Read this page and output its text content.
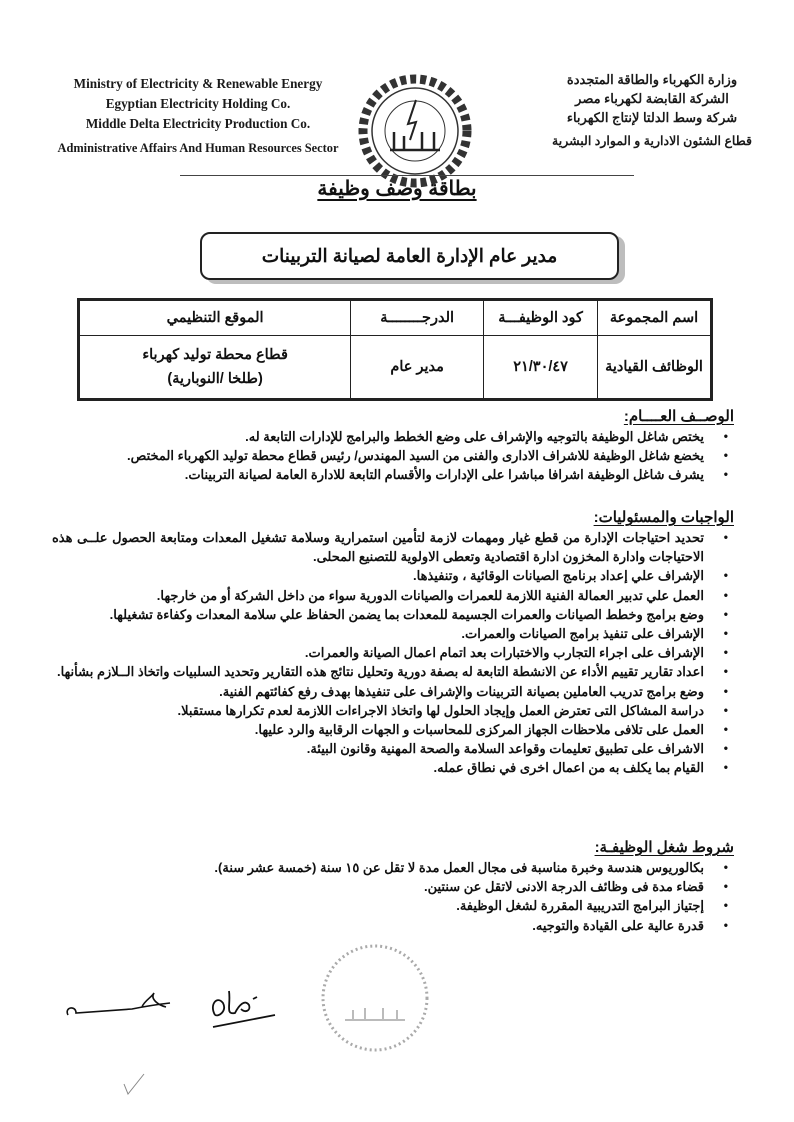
Ministry of Electricity & Renewable Energy
Egyptian Electricity Holding Co.
Middle Delta Electricity Production Co.
Administrative Affairs And Human Resources Sector
وزارة الكهرباء والطاقة المتجددة
الشركة القابضة لكهرباء مصر
شركة وسط الدلتا لإنتاج الكهرباء
قطاع الشئون الادارية و الموارد البشرية
بطاقة وصف وظيفة
مدير عام الإدارة العامة لصيانة التربينات
اسم المجموعة	كود الوظيفـــة	الدرجــــــــة	الموقع التنظيمي
الوظائف القيادية	٢١/٣٠/٤٧	مدير عام	قطاع محطة توليد كهرباء
(طلخا /النوبارية)
الوصــف العــــام:
• يختص شاغل الوظيفة بالتوجيه والإشراف على وضع الخطط والبرامج للإدارات التابعة له.
• يخضع شاغل الوظيفة للاشراف الادارى والفنى من السيد المهندس/ رئيس قطاع محطة توليد الكهرباء المختص.
• يشرف شاغل الوظيفة اشرافا مباشرا على الإدارات والأقسام التابعة للادارة العامة لصيانة التربينات.
الواجبات والمسئوليات:
• تحديد احتياجات الإدارة من قطع غيار ومهمات لازمة لتأمين استمرارية وسلامة تشغيل المعدات ومتابعة الحصول علــى هذه الاحتياجات وادارة المخزون ادارة اقتصادية وتعطى الاولوية للتصنيع المحلى.
• الإشراف علي إعداد برنامج الصيانات الوقائية ، وتنفيذها.
• العمل علي تدبير العمالة الفنية اللازمة للعمرات والصيانات الدورية سواء من داخل الشركة أو من خارجها.
• وضع برامج وخطط الصيانات والعمرات الجسيمة للمعدات بما يضمن الحفاظ علي سلامة المعدات وكفاءة تشغيلها.
• الإشراف على تنفيذ برامج الصيانات والعمرات.
• الإشراف على اجراء التجارب والاختبارات بعد اتمام اعمال الصيانة والعمرات.
• اعداد تقارير تقييم الأداء عن الانشطة التابعة له بصفة دورية وتحليل نتائج هذه التقارير وتحديد السلبيات واتخاذ الــلازم بشأنها.
• وضع برامج تدريب العاملين بصيانة التربينات والإشراف على تنفيذها بهدف رفع كفائتهم الفنية.
• دراسة المشاكل التى تعترض العمل وإيجاد الحلول لها واتخاذ الاجراءات اللازمة لعدم تكرارها مستقبلا.
• العمل على تلافى ملاحظات الجهاز المركزى للمحاسبات و الجهات الرقابية والرد عليها.
• الاشراف على تطبيق تعليمات وقواعد السلامة والصحة المهنية وقانون البيئة.
• القيام بما يكلف به من اعمال اخرى في نطاق عمله.
شروط شغل الوظيفـة:
• بكالوريوس هندسة وخبرة مناسبة فى مجال العمل مدة لا تقل عن ١٥ سنة (خمسة عشر سنة).
• قضاء مدة فى وظائف الدرجة الادنى لاتقل عن سنتين.
• إجتياز البرامج التدريبية المقررة لشغل الوظيفة.
• قدرة عالية على القيادة والتوجيه.
